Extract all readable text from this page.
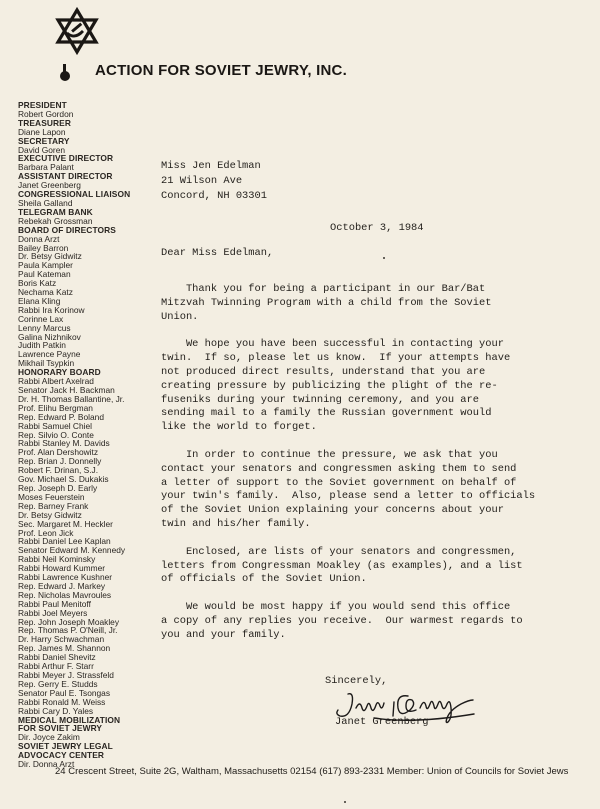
ACTION FOR SOVIET JEWRY, INC.
PRESIDENT
Robert Gordon
TREASURER
Diane Lapon
SECRETARY
David Goren
EXECUTIVE DIRECTOR
Barbara Palant
ASSISTANT DIRECTOR
Janet Greenberg
CONGRESSIONAL LIAISON
Sheila Galland
TELEGRAM BANK
Rebekah Grossman
BOARD OF DIRECTORS
Donna Arzt
Bailey Barron
Dr. Betsy Gidwitz
Paula Kampler
Paul Kateman
Boris Katz
Nechama Katz
Elana Kling
Rabbi Ira Korinow
Corinne Lax
Lenny Marcus
Galina Nizhnikov
Judith Patkin
Lawrence Payne
Mikhail Tsypkin
HONORARY BOARD
Rabbi Albert Axelrad
Senator Jack H. Backman
Dr. H. Thomas Ballantine, Jr.
Prof. Elihu Bergman
Rep. Edward P. Boland
Rabbi Samuel Chiel
Rep. Silvio O. Conte
Rabbi Stanley M. Davids
Prof. Alan Dershowitz
Rep. Brian J. Donnelly
Robert F. Drinan, S.J.
Gov. Michael S. Dukakis
Rep. Joseph D. Early
Moses Feuerstein
Rep. Barney Frank
Dr. Betsy Gidwitz
Sec. Margaret M. Heckler
Prof. Leon Jick
Rabbi Daniel Lee Kaplan
Senator Edward M. Kennedy
Rabbi Neil Kominsky
Rabbi Howard Kummer
Rabbi Lawrence Kushner
Rep. Edward J. Markey
Rep. Nicholas Mavroules
Rabbi Paul Menitoff
Rabbi Joel Meyers
Rep. John Joseph Moakley
Rep. Thomas P. O'Neill, Jr.
Dr. Harry Schwachman
Rep. James M. Shannon
Rabbi Daniel Shevitz
Rabbi Arthur F. Starr
Rabbi Meyer J. Strassfeld
Rep. Gerry E. Studds
Senator Paul E. Tsongas
Rabbi Ronald M. Weiss
Rabbi Cary D. Yales
MEDICAL MOBILIZATION
FOR SOVIET JEWRY
Dir. Joyce Zakim
SOVIET JEWRY LEGAL
ADVOCACY CENTER
Dir. Donna Arzt
Miss Jen Edelman
21 Wilson Ave
Concord, NH 03301
October 3, 1984
Dear Miss Edelman,

Thank you for being a participant in our Bar/Bat
Mitzvah Twinning Program with a child from the Soviet
Union.

We hope you have been successful in contacting your
twin.  If so, please let us know.  If your attempts have
not produced direct results, understand that you are
creating pressure by publicizing the plight of the re-
fuseniks during your twinning ceremony, and you are
sending mail to a family the Russian government would
like the world to forget.

In order to continue the pressure, we ask that you
contact your senators and congressmen asking them to send
a letter of support to the Soviet government on behalf of
your twin's family.  Also, please send a letter to officials
of the Soviet Union explaining your concerns about your
twin and his/her family.

Enclosed, are lists of your senators and congressmen,
letters from Congressman Moakley (as examples), and a list
of officials of the Soviet Union.

We would be most happy if you would send this office
a copy of any replies you receive.  Our warmest regards to
you and your family.

Sincerely,
Janet Greenberg
24 Crescent Street, Suite 2G, Waltham, Massachusetts 02154 (617) 893-2331 Member: Union of Councils for Soviet Jews
